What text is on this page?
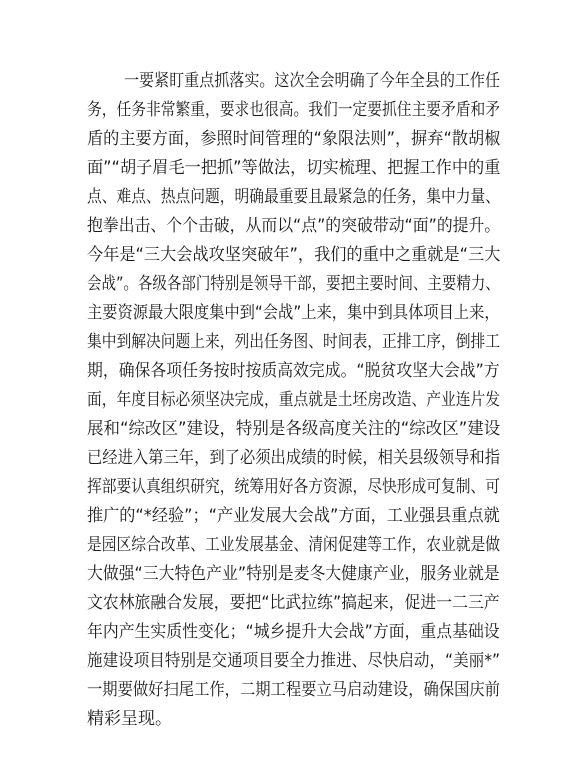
一要紧盯重点抓落实。这次全会明确了今年全县的工作任
务，任务非常繁重，要求也很高。我们一定要抓住主要矛盾和矛
盾的主要方面，参照时间管理的“象限法则”，摒弃“散胡椒
面”“胡子眉毛一把抓”等做法，切实梳理、把握工作中的重
点、难点、热点问题，明确最重要且最紧急的任务，集中力量、
抱拳出击、个个击破，从而以“点”的突破带动“面”的提升。
今年是“三大会战攻坚突破年”，我们的重中之重就是“三大
会战”。各级各部门特别是领导干部，要把主要时间、主要精力、
主要资源最大限度集中到“会战”上来，集中到具体项目上来，
集中到解决问题上来，列出任务图、时间表，正排工序，倒排工
期，确保各项任务按时按质高效完成。“脱贫攻坚大会战”方
面，年度目标必须坚决完成，重点就是土坯房改造、产业连片发
展和“综改区”建设，特别是各级高度关注的“综改区”建设
已经进入第三年，到了必须出成绩的时候，相关县级领导和指
挥部要认真组织研究，统筹用好各方资源，尽快形成可复制、可
推广的“*经验”；“产业发展大会战”方面，工业强县重点就
是园区综合改革、工业发展基金、清闲促建等工作，农业就是做
大做强“三大特色产业”特别是麦冬大健康产业，服务业就是
文农林旅融合发展，要把“比武拉练”搞起来，促进一二三产
年内产生实质性变化；“城乡提升大会战”方面，重点基础设
施建设项目特别是交通项目要全力推进、尽快启动，“美丽*”
一期要做好扫尾工作，二期工程要立马启动建设，确保国庆前
精彩呈现。
